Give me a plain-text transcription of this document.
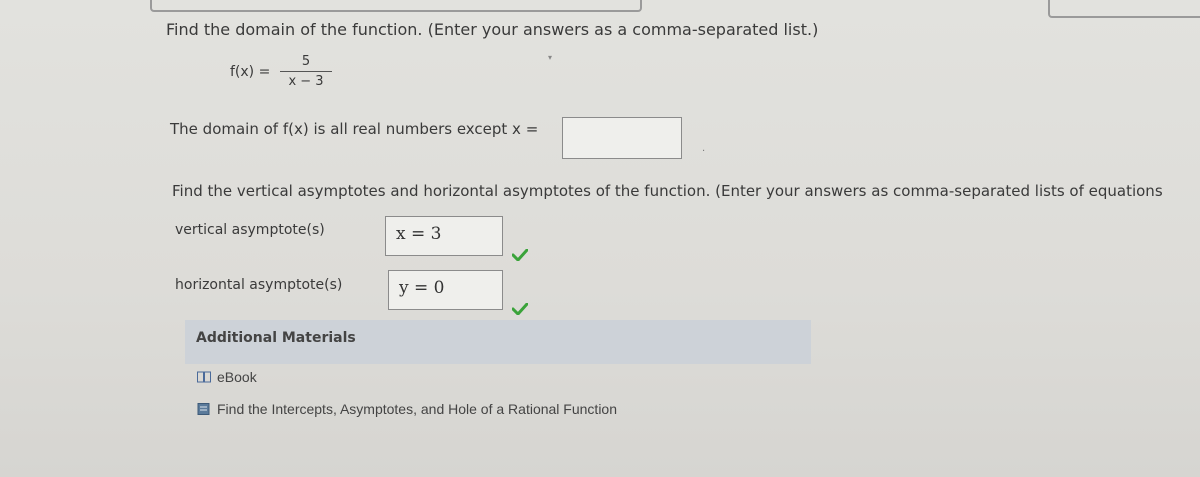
Find the domain of the function. (Enter your answers as a comma-separated list.)
▾
f(x) =
5
x − 3
The domain of f(x) is all real numbers except x =
.
Find the vertical asymptotes and horizontal asymptotes of the function. (Enter your answers as comma-separated lists of equations
vertical asymptote(s)	x = 3
horizontal asymptote(s)	y = 0
Additional Materials
eBook
Find the Intercepts, Asymptotes, and Hole of a Rational Function
